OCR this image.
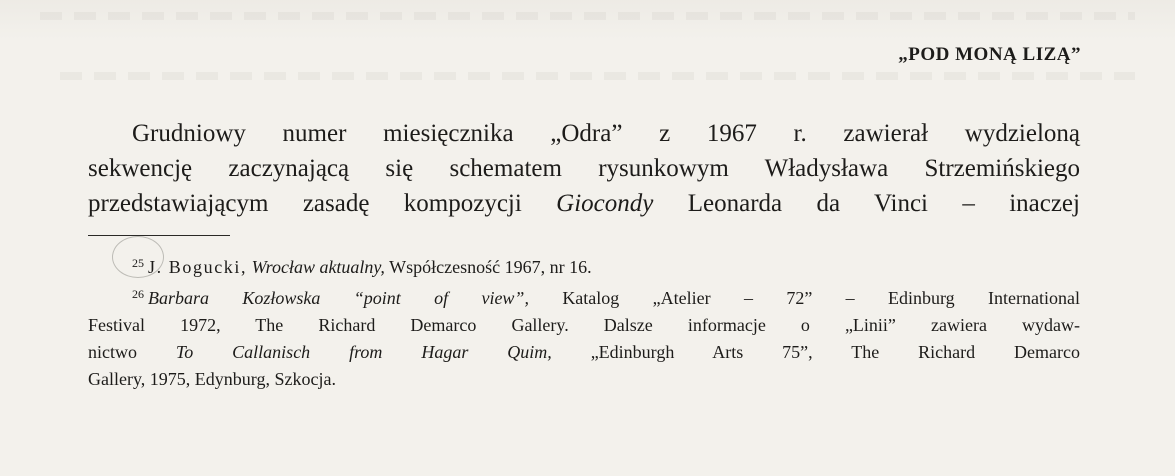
„POD MONĄ LIZĄ”
Grudniowy numer miesięcznika „Odra” z 1967 r. zawierał wydzieloną
sekwencję zaczynającą się schematem rysunkowym Władysława Strzemińskiego
przedstawiającym zasadę kompozycji Giocondy Leonarda da Vinci – inaczej
$^{25}$ J. Bogucki, Wrocław aktualny, Współczesność 1967, nr 16.
$^{26}$ Barbara Kozłowska “point of view”, Katalog „Atelier – 72” – Edinburg International
Festival 1972, The Richard Demarco Gallery. Dalsze informacje o „Linii” zawiera wydaw-
nictwo To Callanisch from Hagar Quim, „Edinburgh Arts 75”, The Richard Demarco
Gallery, 1975, Edynburg, Szkocja.
